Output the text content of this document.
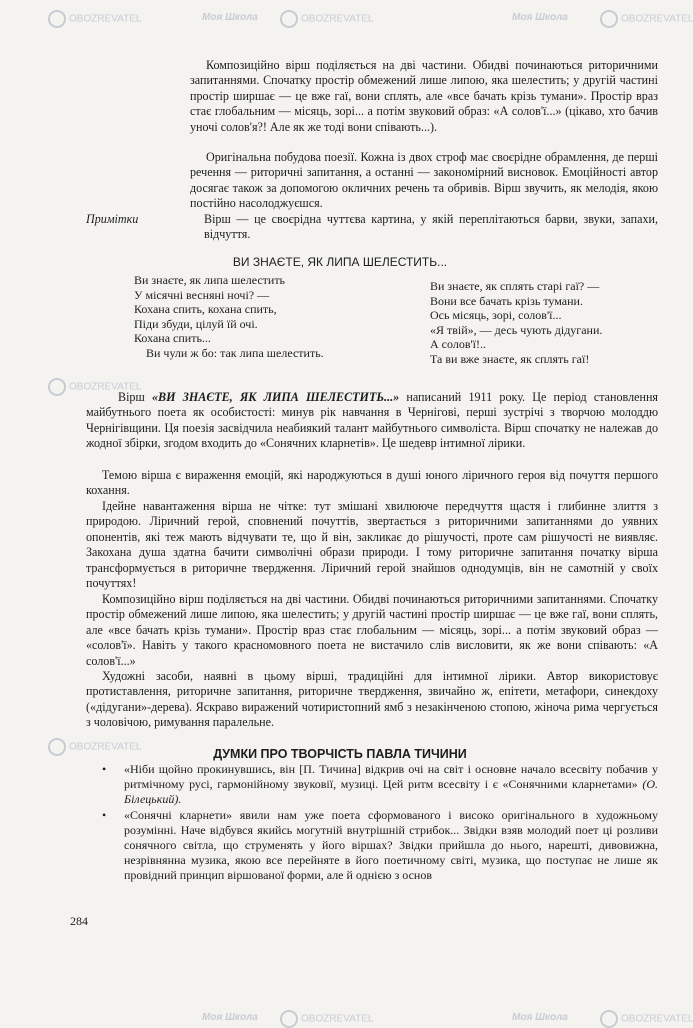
OBOZREVATEL	Моя Школа	OBOZREVATEL	Моя Школа	OBOZREVATEL
OBOZREVATEL
OBOZREVATEL
Моя Школа	OBOZREVATEL	Моя Школа	OBOZREVATEL

Композиційно вірш поділяється на дві частини. Обидві починаються риторичними запитаннями. Спочатку простір обмежений лише липою, яка шелестить; у другій частині простір ширшає — це вже гаї, вони сплять, але «все бачать крізь тумани». Простір враз стає глобальним — місяць, зорі... а потім звуковий образ: «А солов'ї...» (цікаво, хто бачив уночі солов'я?! Але як же тоді вони співають...).

Оригінальна побудова поезії. Кожна із двох строф має своєрідне обрамлення, де перші речення — риторичні запитання, а останні — закономірний висновок. Емоційності автор досягає також за допомогою окличних речень та обривів. Вірш звучить, як мелодія, якою постійно насолоджуєшся.

Примітки	Вірш — це своєрідна чуттєва картина, у якій переплітаються барви, звуки, запахи, відчуття.

ВИ ЗНАЄТЕ, ЯК ЛИПА ШЕЛЕСТИТЬ...
Ви знаєте, як липа шелестить
У місячні весняні ночі? —
Кохана спить, кохана спить,
Піди збуди, цілуй їй очі.
Кохана спить...
Ви чули ж бо: так липа шелестить.
Ви знаєте, як сплять старі гаї? —
Вони все бачать крізь тумани.
Ось місяць, зорі, солов'ї...
«Я твій», — десь чують дідугани.
А солов'ї!..
Та ви вже знаєте, як сплять гаї!

Вірш «ВИ ЗНАЄТЕ, ЯК ЛИПА ШЕЛЕСТИТЬ...» написаний 1911 року. Це період становлення майбутнього поета як особистості: минув рік навчання в Чернігові, перші зустрічі з творчою молоддю Чернігівщини. Ця поезія засвідчила неабиякий талант майбутнього символіста. Вірш спочатку не належав до жодної збірки, згодом входить до «Сонячних кларнетів». Це шедевр інтимної лірики.

Темою вірша є вираження емоцій, які народжуються в душі юного ліричного героя від почуття першого кохання.

Ідейне навантаження вірша не чітке: тут змішані хвилююче передчуття щастя і глибинне злиття з природою. Ліричний герой, сповнений почуттів, звертається з риторичними запитаннями до уявних опонентів, які теж мають відчувати те, що й він, закликає до рішучості, проте сам рішучості не виявляє. Закохана душа здатна бачити символічні образи природи. І тому риторичне запитання початку вірша трансформується в риторичне твердження. Ліричний герой знайшов однодумців, він не самотній у своїх почуттях!

Композиційно вірш поділяється на дві частини. Обидві починаються риторичними запитаннями. Спочатку простір обмежений лише липою, яка шелестить; у другій частині простір ширшає — це вже гаї, вони сплять, але «все бачать крізь тумани». Простір враз стає глобальним — місяць, зорі... а потім звуковий образ — «солов'ї». Навіть у такого красномовного поета не вистачило слів висловити, як же вони співають: «А солов'ї...»

Художні засоби, наявні в цьому вірші, традиційні для інтимної лірики. Автор використовує протиставлення, риторичне запитання, риторичне твердження, звичайно ж, епітети, метафори, синекдоху («дідугани»-дерева). Яскраво виражений чотиристопний ямб з незакінченою стопою, жіноча рима чергується з чоловічою, римування паралельне.

ДУМКИ ПРО ТВОРЧІСТЬ ПАВЛА ТИЧИНИ
• «Ніби щойно прокинувшись, він [П. Тичина] відкрив очі на світ і основне начало всесвіту побачив у ритмічному русі, гармонійному звуковії, музиці. Цей ритм всесвіту і є «Сонячними кларнетами» (О. Білецький).
• «Сонячні кларнети» явили нам уже поета сформованого і високо оригінального в художньому розумінні. Наче відбувся якийсь могутній внутрішній стрибок... Звідки взяв молодий поет ці розливи сонячного світла, що струменять у його віршах? Звідки прийшла до нього, нарешті, дивовижна, незрівнянна музика, якою все перейняте в його поетичному світі, музика, що поступає не лише як провідний принцип віршованої форми, але й однією з основ
284
